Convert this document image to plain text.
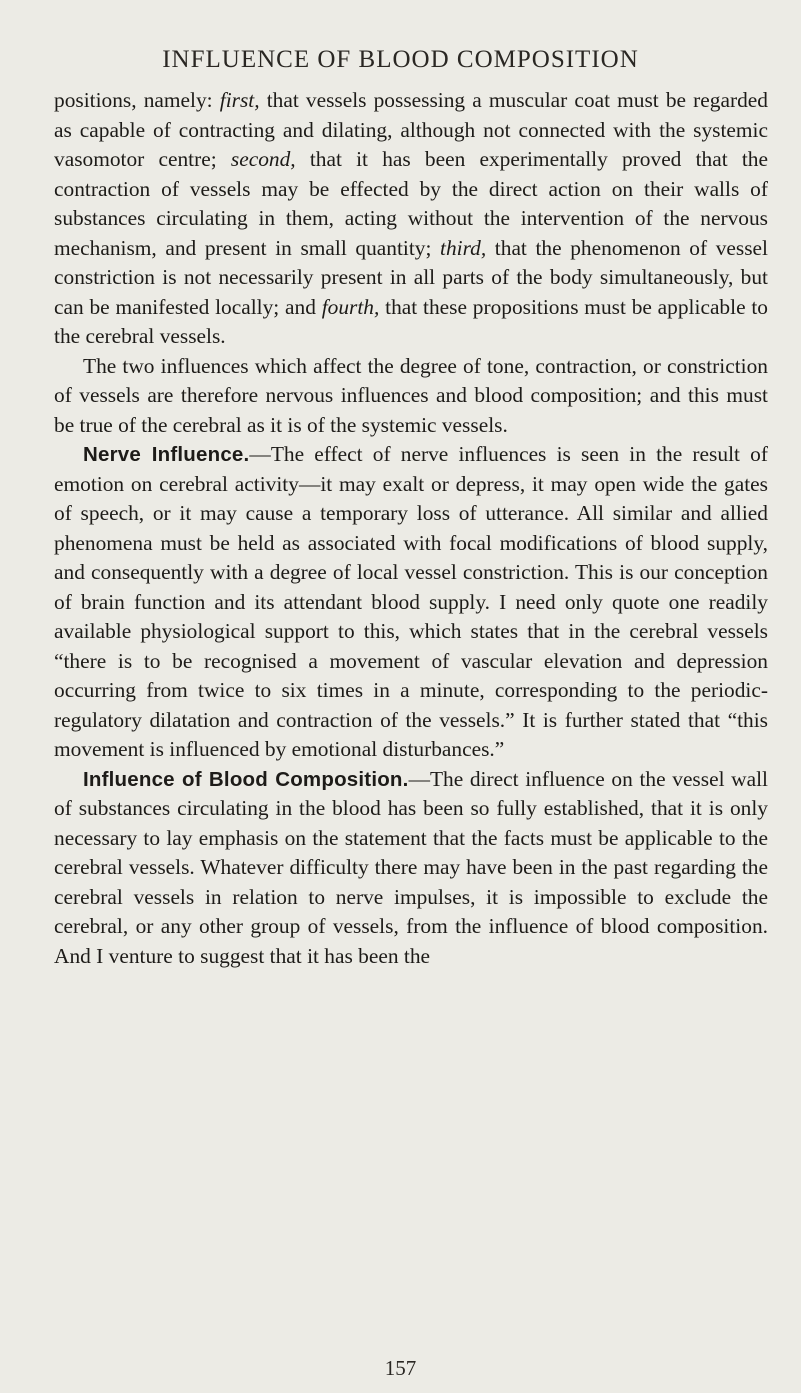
INFLUENCE OF BLOOD COMPOSITION

positions, namely: first, that vessels possessing a muscular coat must be regarded as capable of contracting and dilating, although not connected with the systemic vasomotor centre; second, that it has been experimentally proved that the contraction of vessels may be effected by the direct action on their walls of substances circulating in them, acting without the intervention of the nervous mechanism, and present in small quantity; third, that the phenomenon of vessel constriction is not necessarily present in all parts of the body simultaneously, but can be manifested locally; and fourth, that these propositions must be applicable to the cerebral vessels.

The two influences which affect the degree of tone, contraction, or constriction of vessels are therefore nervous influences and blood composition; and this must be true of the cerebral as it is of the systemic vessels.

Nerve Influence.—The effect of nerve influences is seen in the result of emotion on cerebral activity—it may exalt or depress, it may open wide the gates of speech, or it may cause a temporary loss of utterance. All similar and allied phenomena must be held as associated with focal modifications of blood supply, and consequently with a degree of local vessel constriction. This is our conception of brain function and its attendant blood supply. I need only quote one readily available physiological support to this, which states that in the cerebral vessels “there is to be recognised a movement of vascular elevation and depression occurring from twice to six times in a minute, corresponding to the periodic-regulatory dilatation and contraction of the vessels.” It is further stated that “this movement is influenced by emotional disturbances.”

Influence of Blood Composition.—The direct influence on the vessel wall of substances circulating in the blood has been so fully established, that it is only necessary to lay emphasis on the statement that the facts must be applicable to the cerebral vessels. Whatever difficulty there may have been in the past regarding the cerebral vessels in relation to nerve impulses, it is impossible to exclude the cerebral, or any other group of vessels, from the influence of blood composition. And I venture to suggest that it has been the

157
